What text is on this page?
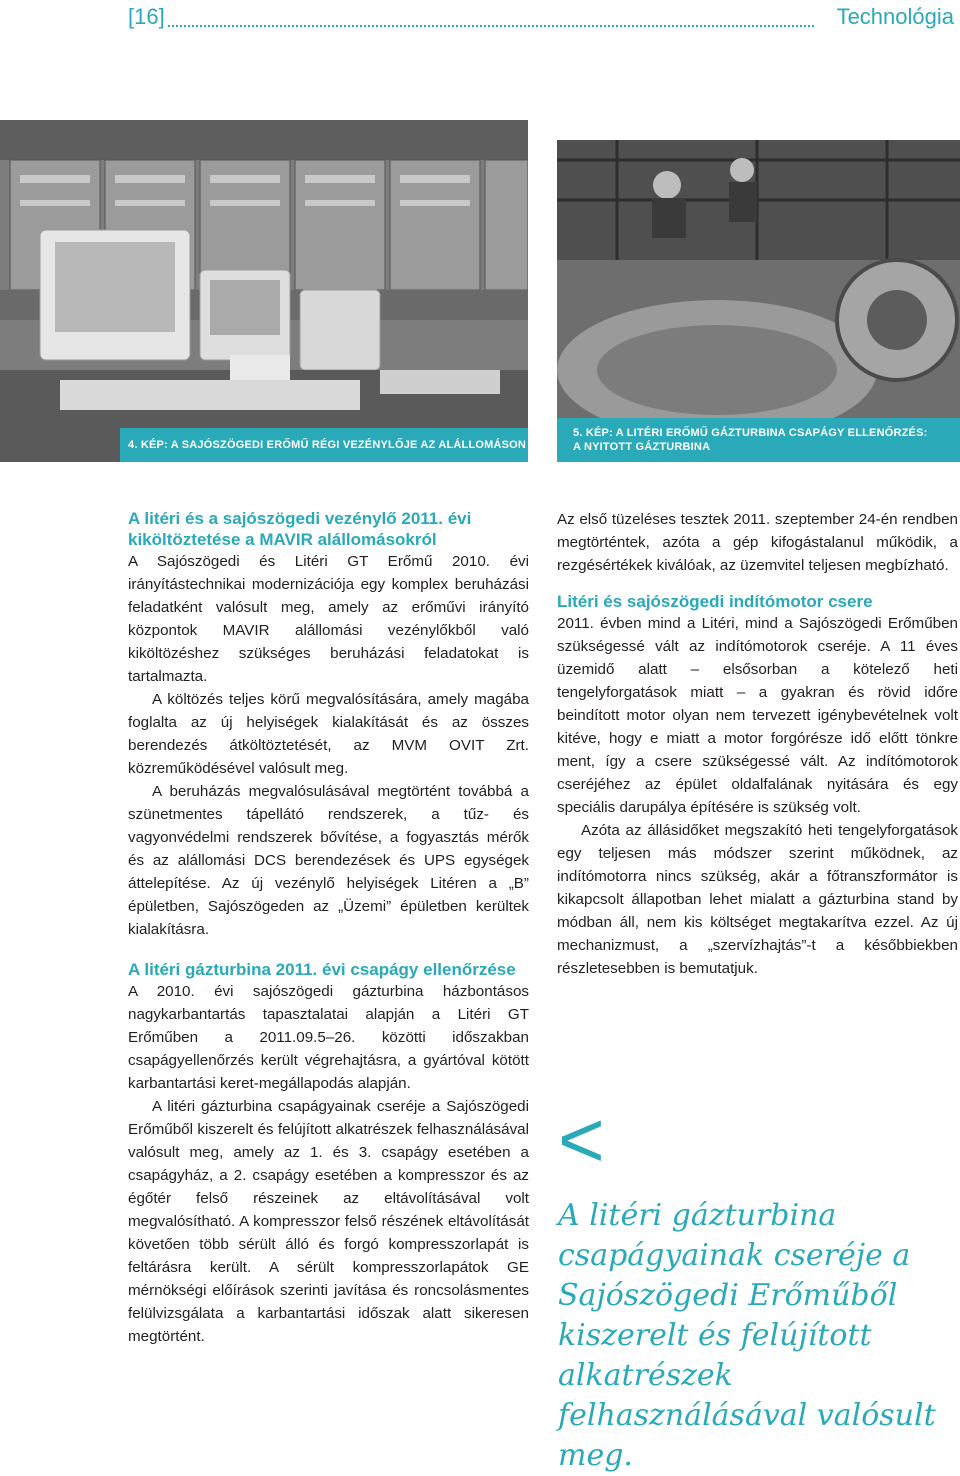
[16]	Technológia
4. KÉP: A SAJÓSZÖGEDI ERŐMŰ RÉGI VEZÉNYLŐJE AZ ALÁLLOMÁSON
5. KÉP: A LITÉRI ERŐMŰ GÁZTURBINA CSAPÁGY ELLENŐRZÉS:
A NYITOTT GÁZTURBINA
A litéri és a sajószögedi vezénylő 2011. évi kiköltöztetése a MAVIR alállomásokról

A Sajószögedi és Litéri GT Erőmű 2010. évi irányítástechnikai modernizációja egy komplex beruházási feladatként valósult meg, amely az erőművi irányító központok MAVIR alállomási vezénylőkből való kiköltözéshez szükséges beruházási feladatokat is tartalmazta.

A költözés teljes körű megvalósítására, amely magába foglalta az új helyiségek kialakítását és az összes berendezés átköltöztetését, az MVM OVIT Zrt. közreműködésével valósult meg.

A beruházás megvalósulásával megtörtént továbbá a szünetmentes tápellátó rendszerek, a tűz- és vagyonvédelmi rendszerek bővítése, a fogyasztás mérők és az alállomási DCS berendezések és UPS egységek áttelepítése. Az új vezénylő helyiségek Litéren a „B” épületben, Sajószögeden az „Üzemi” épületben kerültek kialakításra.

A litéri gázturbina 2011. évi csapágy ellenőrzése

A 2010. évi sajószögedi gázturbina házbontásos nagykarbantartás tapasztalatai alapján a Litéri GT Erőműben a 2011.09.5–26. közötti időszakban csapágyellenőrzés került végrehajtásra, a gyártóval kötött karbantartási keret-megállapodás alapján.

A litéri gázturbina csapágyainak cseréje a Sajószögedi Erőműből kiszerelt és felújított alkatrészek felhasználásával valósult meg, amely az 1. és 3. csapágy esetében a csapágyház, a 2. csapágy esetében a kompresszor és az égőtér felső részeinek az eltávolításával volt megvalósítható. A kompresszor felső részének eltávolítását követően több sérült álló és forgó kompresszorlapát is feltárásra került. A sérült kompresszorlapátok GE mérnökségi előírások szerinti javítása és roncsolásmentes felülvizsgálata a karbantartási időszak alatt sikeresen megtörtént.

Az első tüzeléses tesztek 2011. szeptember 24-én rendben megtörténtek, azóta a gép kifogástalanul működik, a rezgésértékek kiválóak, az üzemvitel teljesen megbízható.

Litéri és sajószögedi indítómotor csere

2011. évben mind a Litéri, mind a Sajószögedi Erőműben szükségessé vált az indítómotorok cseréje. A 11 éves üzemidő alatt – elsősorban a kötelező heti tengelyforgatások miatt – a gyakran és rövid időre beindított motor olyan nem tervezett igénybevételnek volt kitéve, hogy e miatt a motor forgórésze idő előtt tönkre ment, így a csere szükségessé vált. Az indítómotorok cseréjéhez az épület oldalfalának nyitására és egy speciális darupálya építésére is szükség volt.

Azóta az állásidőket megszakító heti tengelyforgatások egy teljesen más módszer szerint működnek, az indítómotorra nincs szükség, akár a főtranszformátor is kikapcsolt állapotban lehet mialatt a gázturbina stand by módban áll, nem kis költséget megtakarítva ezzel. Az új mechanizmust, a „szervízhajtás”-t a későbbiekben részletesebben is bemutatjuk.

<
A litéri gázturbina csapágyainak cseréje a Sajószögedi Erőműből kiszerelt és felújított alkatrészek felhasználásával valósult meg.
